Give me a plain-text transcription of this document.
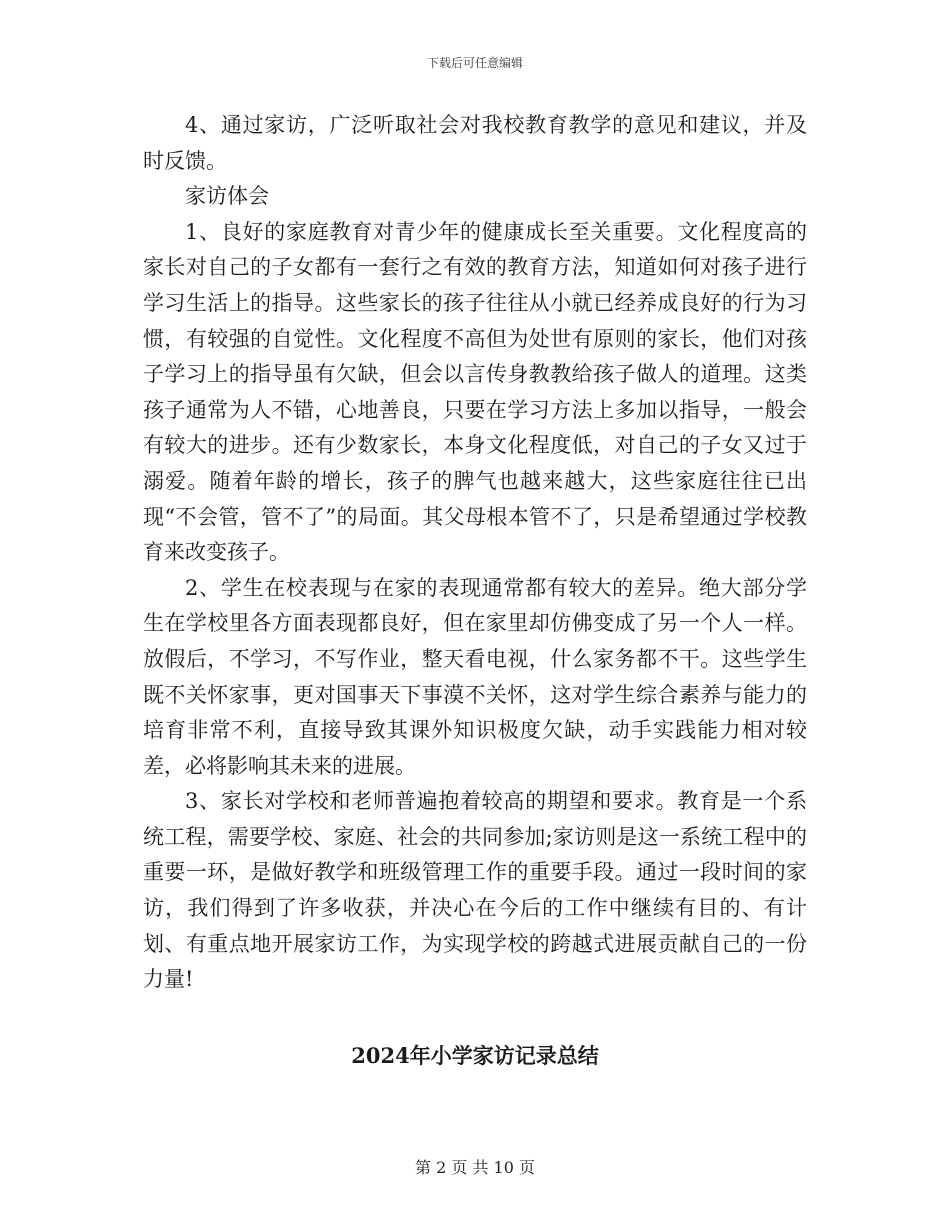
下载后可任意编辑

4、通过家访，广泛听取社会对我校教育教学的意见和建议，并及时反馈。

家访体会

1、良好的家庭教育对青少年的健康成长至关重要。文化程度高的家长对自己的子女都有一套行之有效的教育方法，知道如何对孩子进行学习生活上的指导。这些家长的孩子往往从小就已经养成良好的行为习惯，有较强的自觉性。文化程度不高但为处世有原则的家长，他们对孩子学习上的指导虽有欠缺，但会以言传身教教给孩子做人的道理。这类孩子通常为人不错，心地善良，只要在学习方法上多加以指导，一般会有较大的进步。还有少数家长，本身文化程度低，对自己的子女又过于溺爱。随着年龄的增长，孩子的脾气也越来越大，这些家庭往往已出现“不会管，管不了”的局面。其父母根本管不了，只是希望通过学校教育来改变孩子。

2、学生在校表现与在家的表现通常都有较大的差异。绝大部分学生在学校里各方面表现都良好，但在家里却仿佛变成了另一个人一样。放假后，不学习，不写作业，整天看电视，什么家务都不干。这些学生既不关怀家事，更对国事天下事漠不关怀，这对学生综合素养与能力的培育非常不利，直接导致其课外知识极度欠缺，动手实践能力相对较差，必将影响其未来的进展。

3、家长对学校和老师普遍抱着较高的期望和要求。教育是一个系统工程，需要学校、家庭、社会的共同参加;家访则是这一系统工程中的重要一环，是做好教学和班级管理工作的重要手段。通过一段时间的家访，我们得到了许多收获，并决心在今后的工作中继续有目的、有计划、有重点地开展家访工作，为实现学校的跨越式进展贡献自己的一份力量!

2024年小学家访记录总结
第 2 页 共 10 页
